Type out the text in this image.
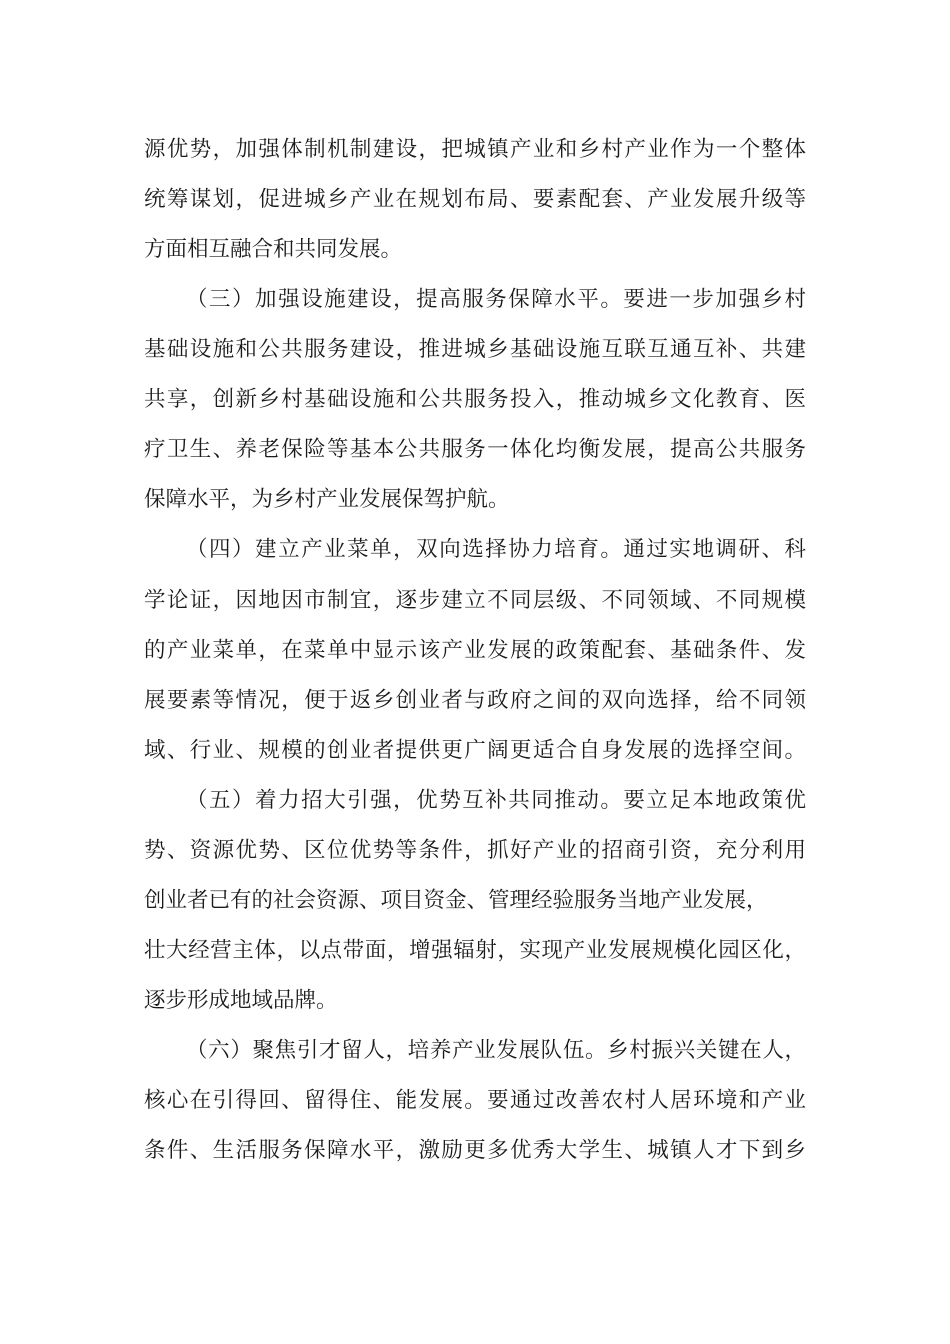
源优势，加强体制机制建设，把城镇产业和乡村产业作为一个整体
统筹谋划，促进城乡产业在规划布局、要素配套、产业发展升级等
方面相互融合和共同发展。
（三）加强设施建设，提高服务保障水平。要进一步加强乡村
基础设施和公共服务建设，推进城乡基础设施互联互通互补、共建
共享，创新乡村基础设施和公共服务投入，推动城乡文化教育、医
疗卫生、养老保险等基本公共服务一体化均衡发展，提高公共服务
保障水平，为乡村产业发展保驾护航。
（四）建立产业菜单，双向选择协力培育。通过实地调研、科
学论证，因地因市制宜，逐步建立不同层级、不同领域、不同规模
的产业菜单，在菜单中显示该产业发展的政策配套、基础条件、发
展要素等情况，便于返乡创业者与政府之间的双向选择，给不同领
域、行业、规模的创业者提供更广阔更适合自身发展的选择空间。
（五）着力招大引强，优势互补共同推动。要立足本地政策优
势、资源优势、区位优势等条件，抓好产业的招商引资，充分利用
创业者已有的社会资源、项目资金、管理经验服务当地产业发展，
壮大经营主体，以点带面，增强辐射，实现产业发展规模化园区化，
逐步形成地域品牌。
（六）聚焦引才留人，培养产业发展队伍。乡村振兴关键在人，
核心在引得回、留得住、能发展。要通过改善农村人居环境和产业
条件、生活服务保障水平，激励更多优秀大学生、城镇人才下到乡
